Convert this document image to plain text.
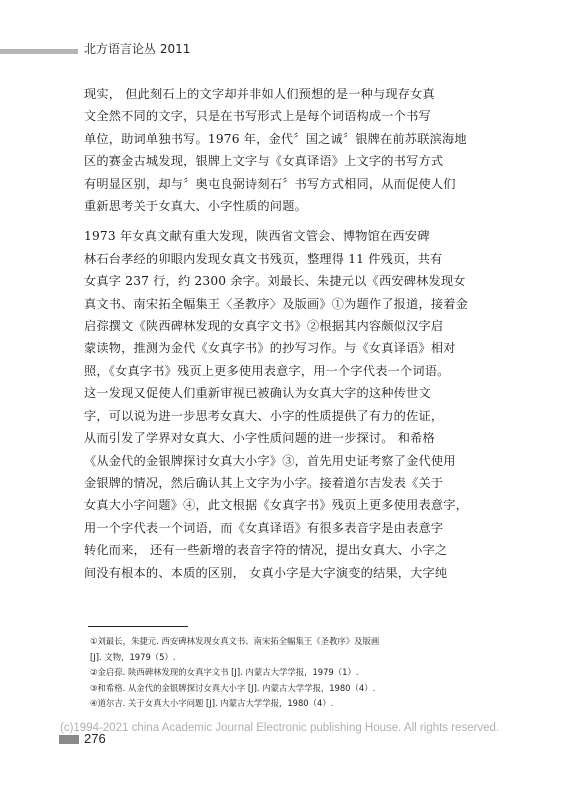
北方语言论丛 2011
现实， 但此刻石上的文字却并非如人们预想的是一种与现存女真
文全然不同的文字，只是在书写形式上是每个词语构成一个书写
单位，助词单独书写。1976 年，金代〞国之诚〞银牌在前苏联滨海地
区的赛金古城发现，银牌上文字与《女真译语》上文字的书写方式
有明显区别，却与〞奥屯良弼诗刻石〞书写方式相同，从而促使人们
重新思考关于女真大、小字性质的问题。
1973 年女真文献有重大发现，陕西省文管会、博物馆在西安碑
林石台孝经的卯眼内发现女真文书残页，整理得 11 件残页，共有
女真字 237 行，约 2300 余字。刘最长、朱捷元以《西安碑林发现女
真文书、南宋拓全幅集王〈圣教序〉及版画》①为题作了报道，接着金
启孮撰文《陕西碑林发现的女真字文书》②根据其内容颇似汉字启
蒙读物，推测为金代《女真字书》的抄写习作。与《女真译语》相对
照，《女真字书》残页上更多使用表意字，用一个字代表一个词语。
这一发现又促使人们重新审视已被确认为女真大字的这种传世文
字，可以说为进一步思考女真大、小字的性质提供了有力的佐证，
从而引发了学界对女真大、小字性质问题的进一步探讨。 和希格
《从金代的金银牌探讨女真大小字》③，首先用史证考察了金代使用
金银牌的情况，然后确认其上文字为小字。接着道尔吉发表《关于
女真大小字问题》④，此文根据《女真字书》残页上更多使用表意字，
用一个字代表一个词语，而《女真译语》有很多表音字是由表意字
转化而来， 还有一些新增的表音字符的情况，提出女真大、小字之
间没有根本的、本质的区别， 女真小字是大字演变的结果，大字纯
①刘最长，朱捷元. 西安碑林发现女真文书、南宋拓全幅集王《圣教序》及版画
[J]. 文物，1979（5）.
②金启孮. 陕西碑林发现的女真字文书 [J]. 内蒙古大学学报，1979（1）.
③和希格. 从金代的金银牌探讨女真大小字 [J]. 内蒙古大学学报，1980（4）.
④道尔吉. 关于女真大小字问题 [J]. 内蒙古大学学报，1980（4）.
(c)1994-2021 china Academic Journal Electronic publishing House. All rights reserved.
276
